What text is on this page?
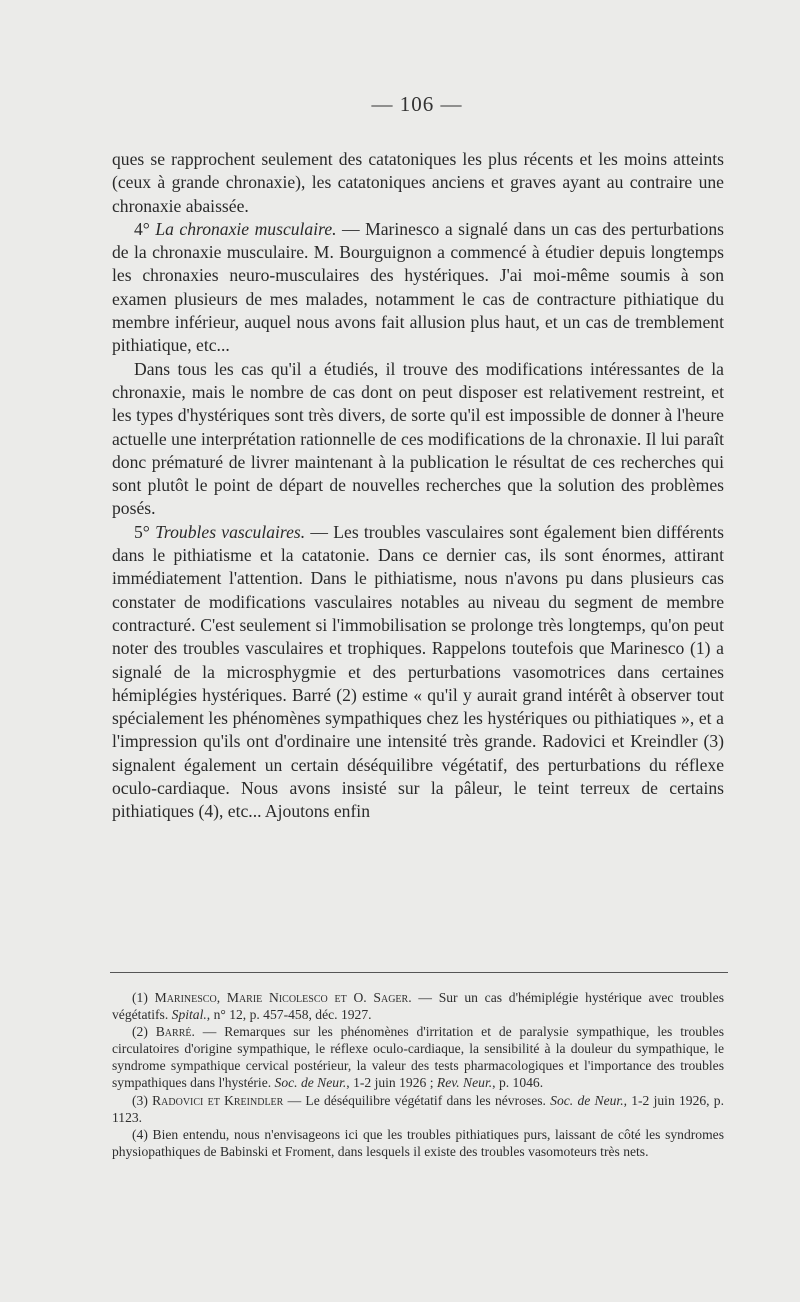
— 106 —

ques se rapprochent seulement des catatoniques les plus récents et les moins atteints (ceux à grande chronaxie), les catatoniques anciens et graves ayant au contraire une chronaxie abaissée.

4° La chronaxie musculaire. — Marinesco a signalé dans un cas des perturbations de la chronaxie musculaire. M. Bourguignon a commencé à étudier depuis longtemps les chronaxies neuro-musculaires des hystériques. J'ai moi-même soumis à son examen plusieurs de mes malades, notamment le cas de contracture pithiatique du membre inférieur, auquel nous avons fait allusion plus haut, et un cas de tremblement pithiatique, etc...

Dans tous les cas qu'il a étudiés, il trouve des modifications intéressantes de la chronaxie, mais le nombre de cas dont on peut disposer est relativement restreint, et les types d'hystériques sont très divers, de sorte qu'il est impossible de donner à l'heure actuelle une interprétation rationnelle de ces modifications de la chronaxie. Il lui paraît donc prématuré de livrer maintenant à la publication le résultat de ces recherches qui sont plutôt le point de départ de nouvelles recherches que la solution des problèmes posés.

5° Troubles vasculaires. — Les troubles vasculaires sont également bien différents dans le pithiatisme et la catatonie. Dans ce dernier cas, ils sont énormes, attirant immédiatement l'attention. Dans le pithiatisme, nous n'avons pu dans plusieurs cas constater de modifications vasculaires notables au niveau du segment de membre contracturé. C'est seulement si l'immobilisation se prolonge très longtemps, qu'on peut noter des troubles vasculaires et trophiques. Rappelons toutefois que Marinesco (1) a signalé de la microsphygmie et des perturbations vasomotrices dans certaines hémiplégies hystériques. Barré (2) estime « qu'il y aurait grand intérêt à observer tout spécialement les phénomènes sympathiques chez les hystériques ou pithiatiques », et a l'impression qu'ils ont d'ordinaire une intensité très grande. Radovici et Kreindler (3) signalent également un certain déséquilibre végétatif, des perturbations du réflexe oculo-cardiaque. Nous avons insisté sur la pâleur, le teint terreux de certains pithiatiques (4), etc... Ajoutons enfin

(1) Marinesco, Marie Nicolesco et O. Sager. — Sur un cas d'hémiplégie hystérique avec troubles végétatifs. Spital., n° 12, p. 457-458, déc. 1927.

(2) Barré. — Remarques sur les phénomènes d'irritation et de paralysie sympathique, les troubles circulatoires d'origine sympathique, le réflexe oculo-cardiaque, la sensibilité à la douleur du sympathique, le syndrome sympathique cervical postérieur, la valeur des tests pharmacologiques et l'importance des troubles sympathiques dans l'hystérie. Soc. de Neur., 1-2 juin 1926 ; Rev. Neur., p. 1046.

(3) Radovici et Kreindler — Le déséquilibre végétatif dans les névroses. Soc. de Neur., 1-2 juin 1926, p. 1123.

(4) Bien entendu, nous n'envisageons ici que les troubles pithiatiques purs, laissant de côté les syndromes physiopathiques de Babinski et Froment, dans lesquels il existe des troubles vasomoteurs très nets.
